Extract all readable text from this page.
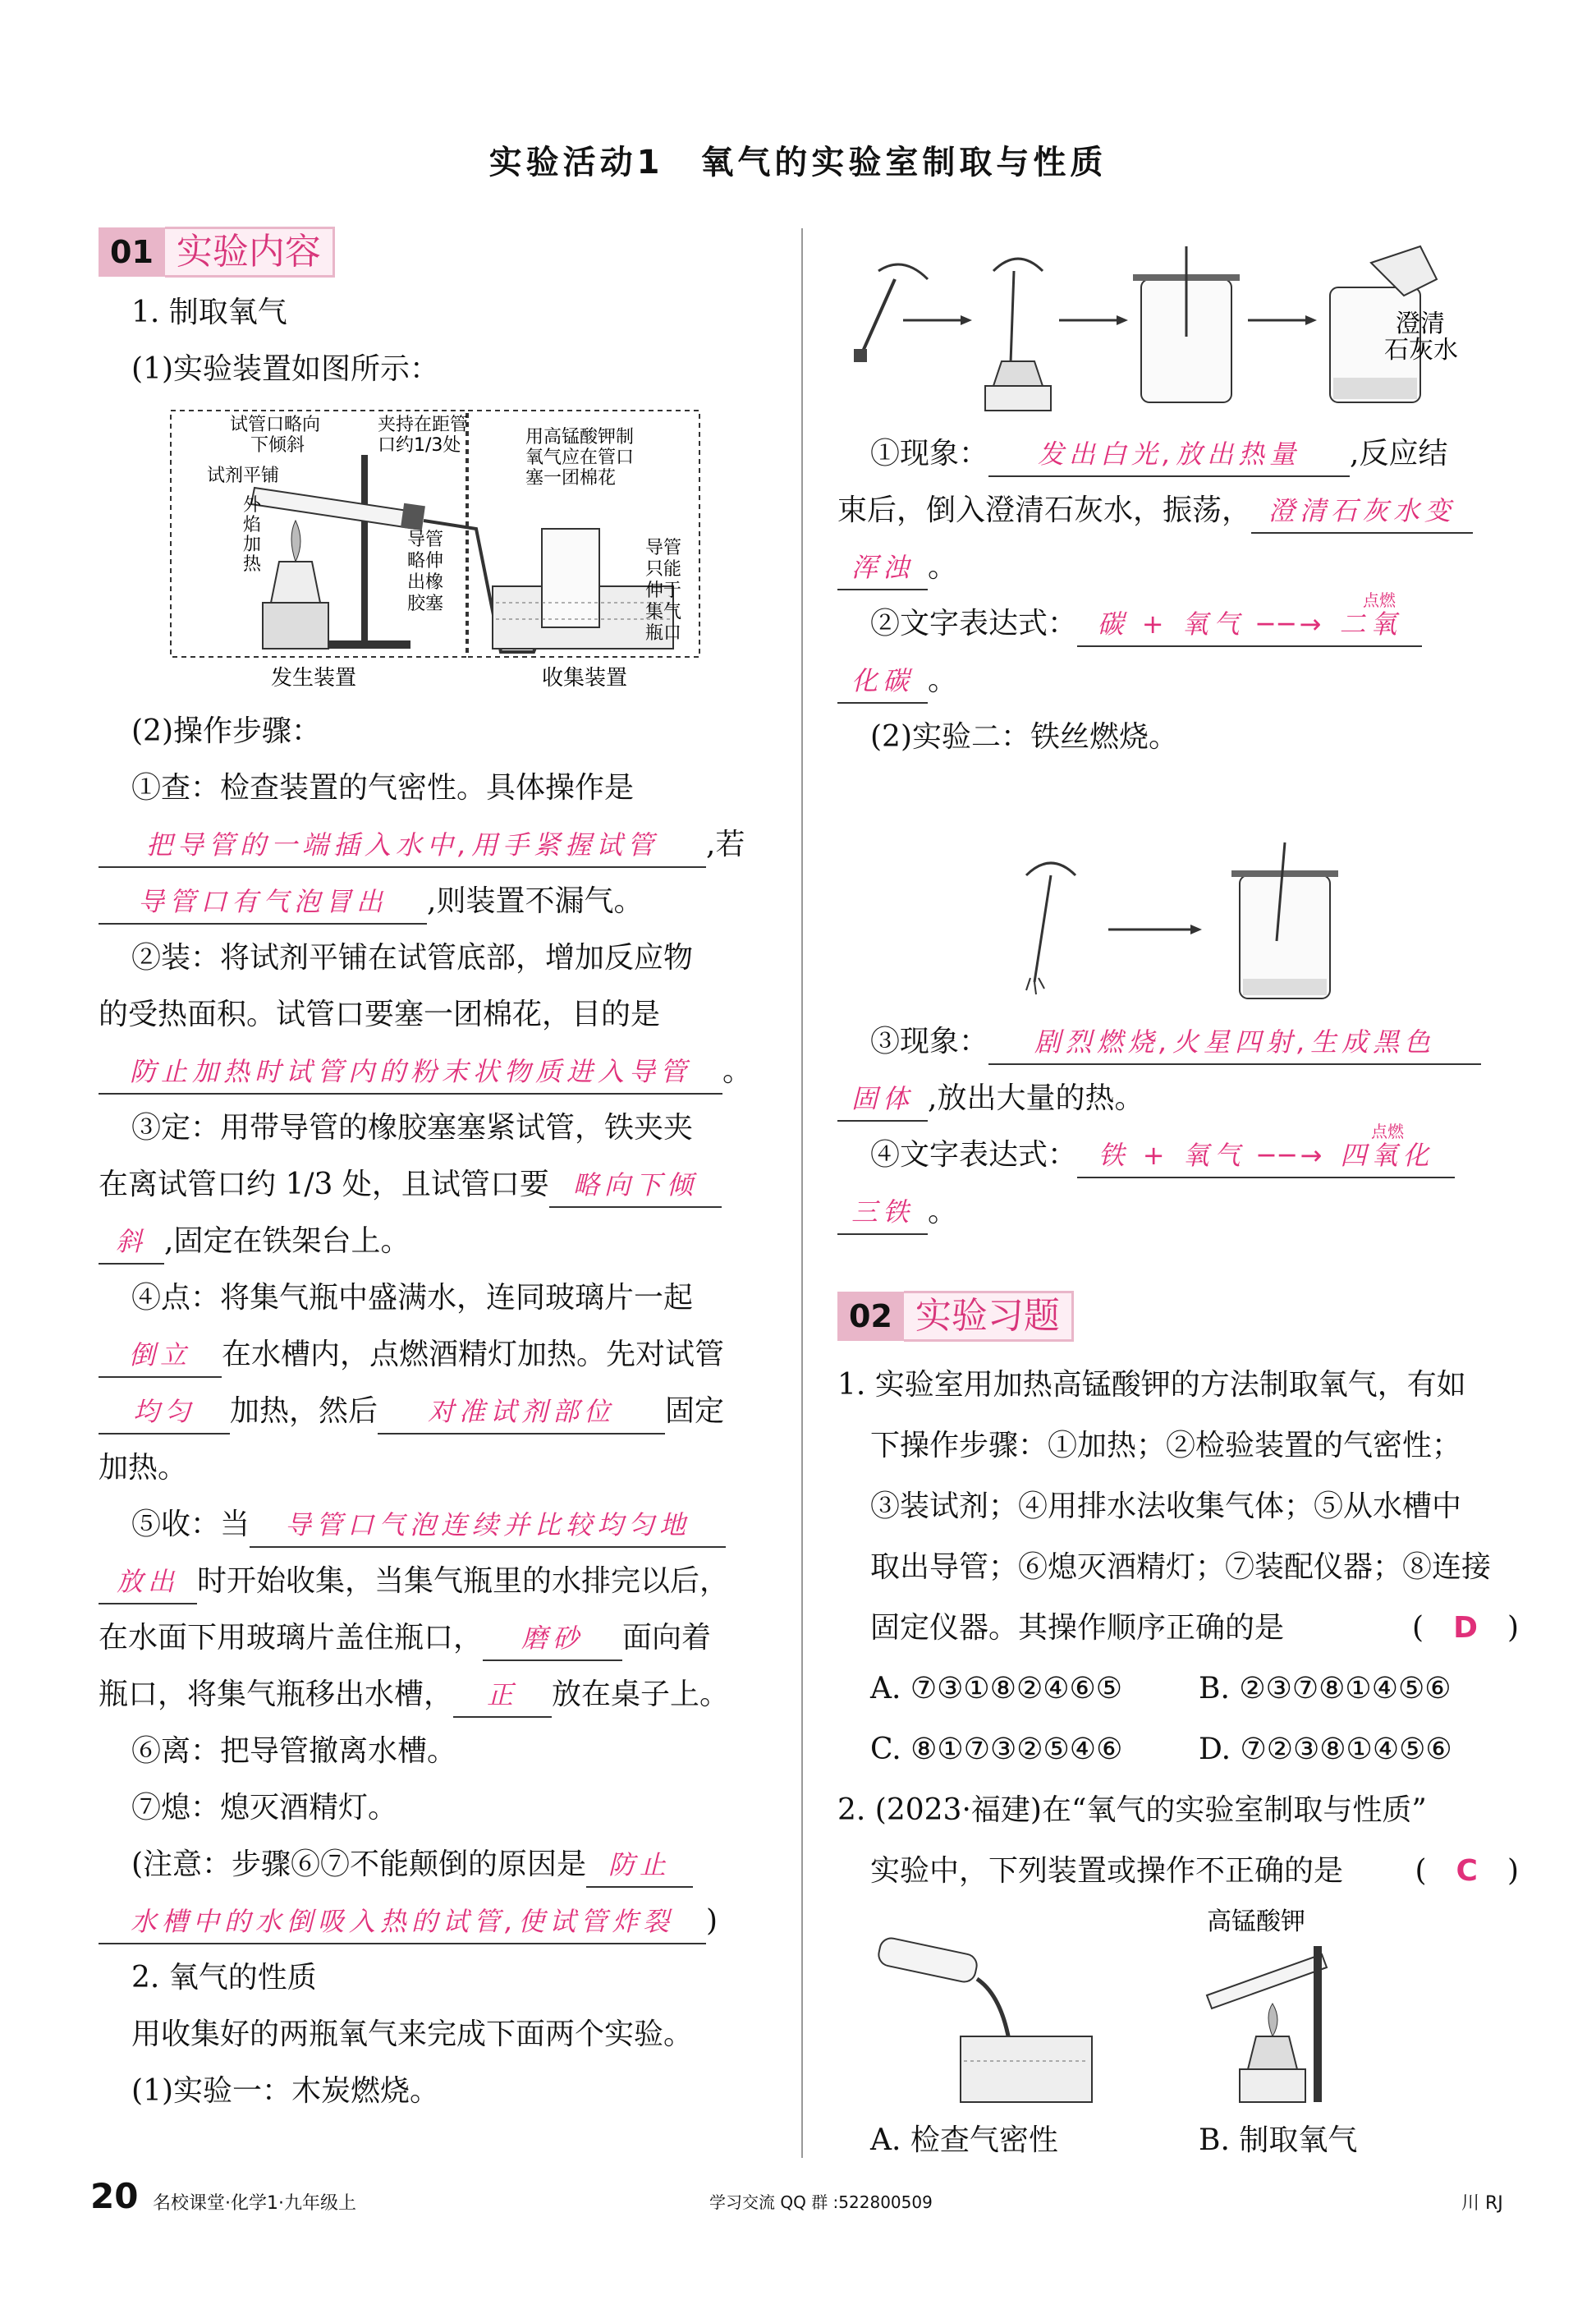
实验活动1　氧气的实验室制取与性质
01 实验内容

1. 制取氧气

(1)实验装置如图所示：

试管口略向
下倾斜
夹持在距管
口约1/3处	用高锰酸钾制
氧气应在管口
塞一团棉花
试剂平铺
外
焰
加
热
导管
略伸
出橡
胶塞
导管
只能
伸于
集气
瓶口
发生装置	收集装置

(2)操作步骤：

①查：检查装置的气密性。具体操作是

把导管的一端插入水中,用手紧握试管 ,若

导管口有气泡冒出 ,则装置不漏气。

②装：将试剂平铺在试管底部，增加反应物

的受热面积。试管口要塞一团棉花，目的是

防止加热时试管内的粉末状物质进入导管 。

③定：用带导管的橡胶塞塞紧试管，铁夹夹

在离试管口约 1/3 处，且试管口要 略向下倾

斜 ,固定在铁架台上。

④点：将集气瓶中盛满水，连同玻璃片一起

倒立 在水槽内，点燃酒精灯加热。先对试管

均匀 加热，然后 对准试剂部位 固定

加热。

⑤收：当 导管口气泡连续并比较均匀地

放出 时开始收集，当集气瓶里的水排完以后，

在水面下用玻璃片盖住瓶口， 磨砂 面向着

瓶口，将集气瓶移出水槽， 正 放在桌子上。

⑥离：把导管撤离水槽。

⑦熄：熄灭酒精灯。

(注意：步骤⑥⑦不能颠倒的原因是 防止

水槽中的水倒吸入热的试管,使试管炸裂 )

2. 氧气的性质

用收集好的两瓶氧气来完成下面两个实验。

(1)实验一：木炭燃烧。

澄清
石灰水

①现象： 发出白光,放出热量 ,反应结

束后，倒入澄清石灰水，振荡， 澄清石灰水变

浑浊 。

②文字表达式： 碳 + 氧气 ──→ 二氧
点燃

化碳 。

(2)实验二：铁丝燃烧。

③现象： 剧烈燃烧,火星四射,生成黑色

固体 ,放出大量的热。

④文字表达式： 铁 + 氧气 ──→ 四氧化
点燃

三铁 。

02 实验习题

1. 实验室用加热高锰酸钾的方法制取氧气，有如

下操作步骤：①加热；②检验装置的气密性；

③装试剂；④用排水法收集气体；⑤从水槽中

取出导管；⑥熄灭酒精灯；⑦装配仪器；⑧连接

固定仪器。其操作顺序正确的是	(　D　)

A. ⑦③①⑧②④⑥⑤	B. ②③⑦⑧①④⑤⑥

C. ⑧①⑦③②⑤④⑥	D. ⑦②③⑧①④⑤⑥

2. (2023·福建)在“氧气的实验室制取与性质”

实验中，下列装置或操作不正确的是 (　C　)

高锰酸钾
A. 检查气密性	B. 制取氧气
20 名校课堂·化学1·九年级上	学习交流 QQ 群 :522800509	川 RJ
